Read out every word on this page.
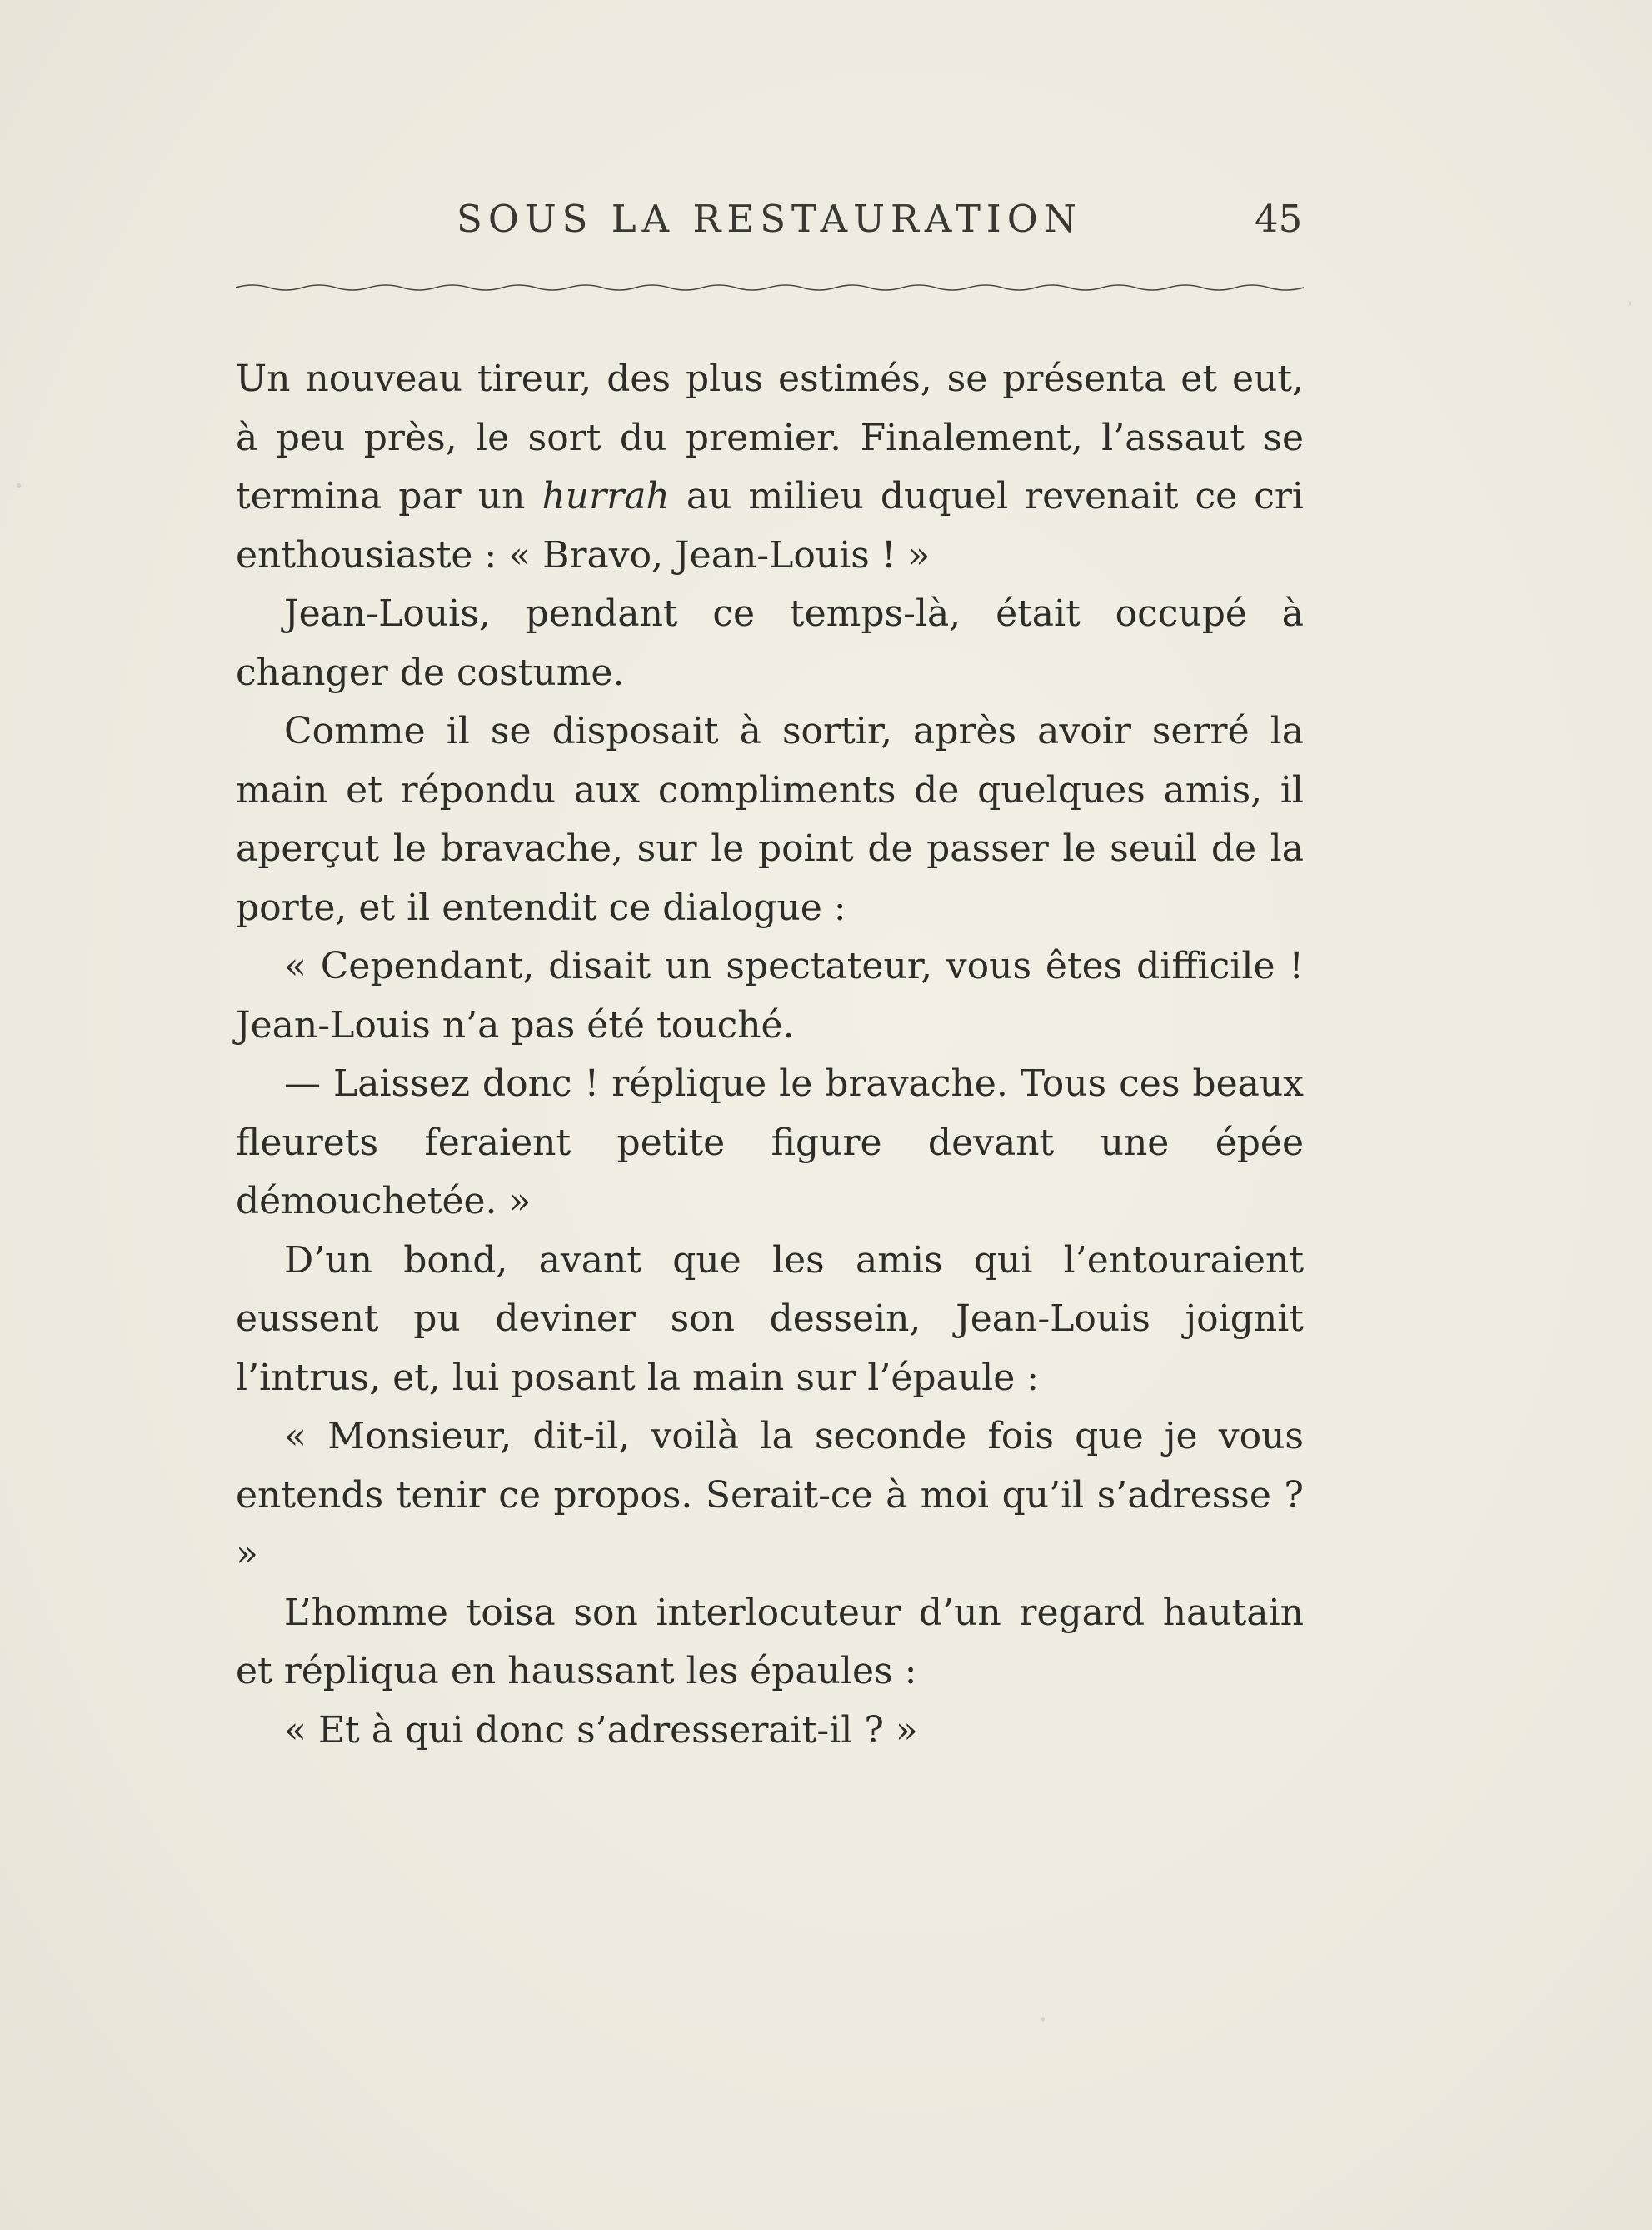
SOUS LA RESTAURATION	45

Un nouveau tireur, des plus estimés, se présenta et eut, à peu près, le sort du premier. Finalement, l’assaut se termina par un hurrah au milieu duquel revenait ce cri enthousiaste : « Bravo, Jean-Louis ! »

Jean-Louis, pendant ce temps-là, était occupé à changer de costume.

Comme il se disposait à sortir, après avoir serré la main et répondu aux compliments de quelques amis, il aperçut le bravache, sur le point de passer le seuil de la porte, et il entendit ce dialogue :

« Cependant, disait un spectateur, vous êtes difficile ! Jean-Louis n’a pas été touché.

— Laissez donc ! réplique le bravache. Tous ces beaux fleurets feraient petite figure devant une épée démouchetée. »

D’un bond, avant que les amis qui l’entouraient eussent pu deviner son dessein, Jean-Louis joignit l’intrus, et, lui posant la main sur l’épaule :

« Monsieur, dit-il, voilà la seconde fois que je vous entends tenir ce propos. Serait-ce à moi qu’il s’adresse ? »

L’homme toisa son interlocuteur d’un regard hautain et répliqua en haussant les épaules :

« Et à qui donc s’adresserait-il ? »
